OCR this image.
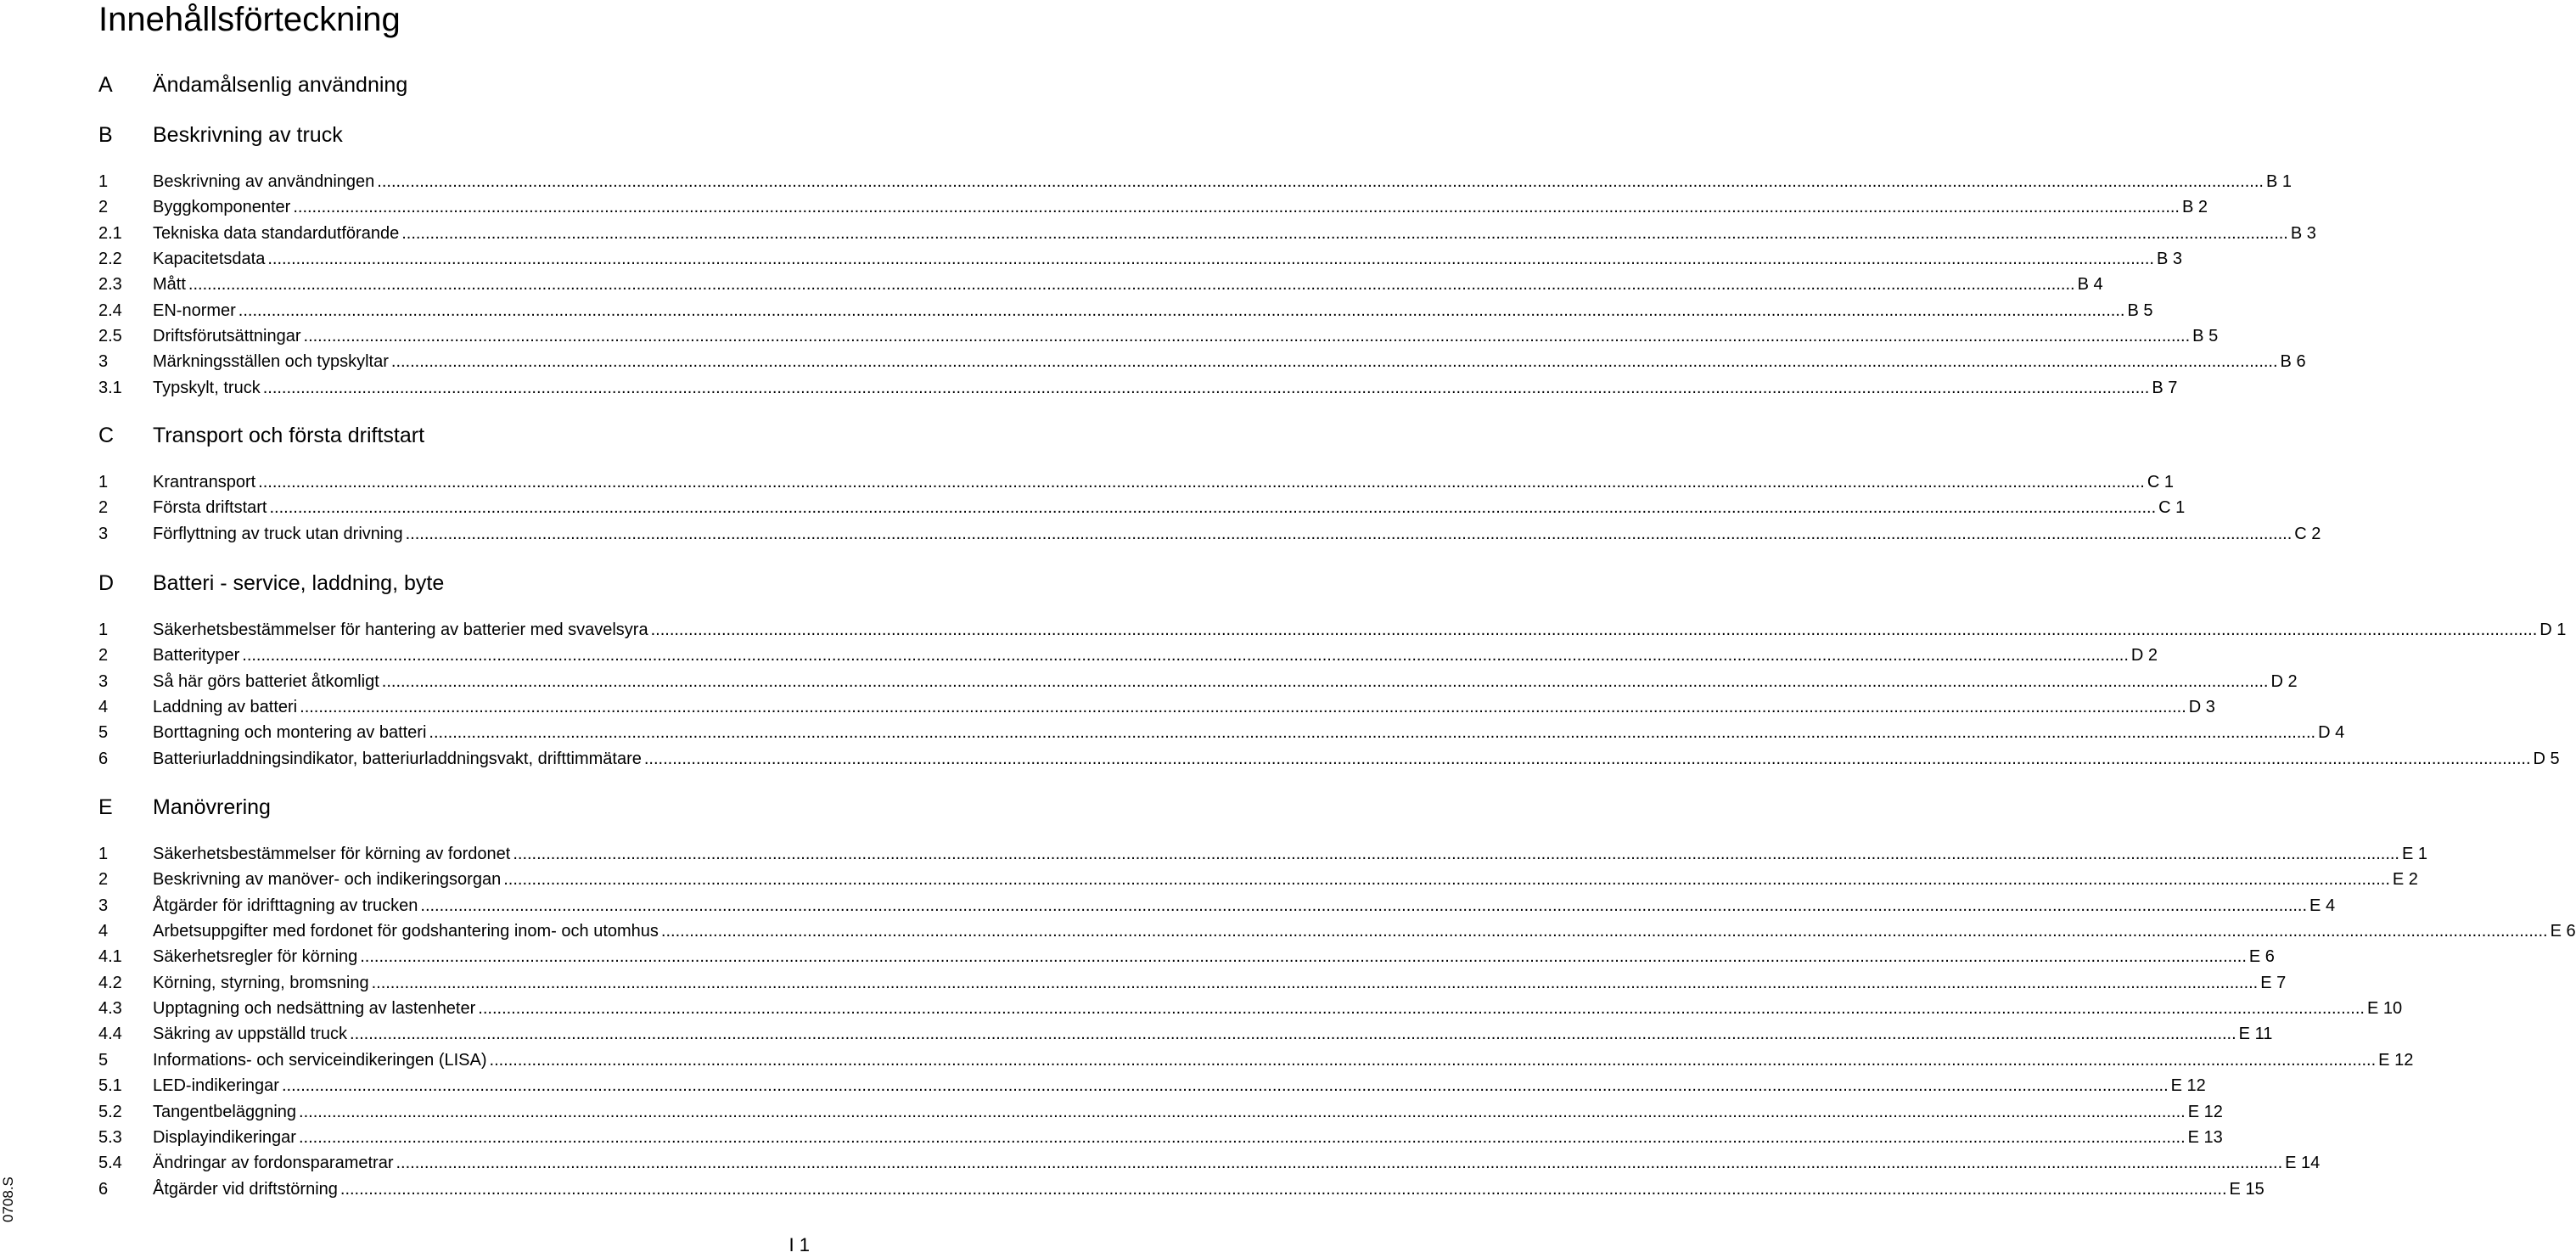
Innehållsförteckning
A Ändamålsenlig användning
B Beskrivning av truck
1	Beskrivning av användningen ................................................................................................................................................................................................................................................................................................................................................................................................................ B 1
2	Byggkomponenter ................................................................................................................................................................................................................................................................................................................................................................................................................ B 2
2.1	Tekniska data standardutförande ................................................................................................................................................................................................................................................................................................................................................................................................................ B 3
2.2	Kapacitetsdata ................................................................................................................................................................................................................................................................................................................................................................................................................ B 3
2.3	Mått ................................................................................................................................................................................................................................................................................................................................................................................................................ B 4
2.4	EN-normer ................................................................................................................................................................................................................................................................................................................................................................................................................ B 5
2.5	Driftsförutsättningar ................................................................................................................................................................................................................................................................................................................................................................................................................ B 5
3	Märkningsställen och typskyltar ................................................................................................................................................................................................................................................................................................................................................................................................................ B 6
3.1	Typskylt, truck ................................................................................................................................................................................................................................................................................................................................................................................................................ B 7
C Transport och första driftstart
1	Krantransport ................................................................................................................................................................................................................................................................................................................................................................................................................ C 1
2	Första driftstart ................................................................................................................................................................................................................................................................................................................................................................................................................ C 1
3	Förflyttning av truck utan drivning ................................................................................................................................................................................................................................................................................................................................................................................................................ C 2
D Batteri - service, laddning, byte
1	Säkerhetsbestämmelser för hantering av batterier med svavelsyra ................................................................................................................................................................................................................................................................................................................................................................................................................ D 1
2	Batterityper ................................................................................................................................................................................................................................................................................................................................................................................................................ D 2
3	Så här görs batteriet åtkomligt ................................................................................................................................................................................................................................................................................................................................................................................................................ D 2
4	Laddning av batteri ................................................................................................................................................................................................................................................................................................................................................................................................................ D 3
5	Borttagning och montering av batteri ................................................................................................................................................................................................................................................................................................................................................................................................................ D 4
6	Batteriurladdningsindikator, batteriurladdningsvakt, drifttimmätare ................................................................................................................................................................................................................................................................................................................................................................................................................ D 5
E Manövrering
1	Säkerhetsbestämmelser för körning av fordonet ................................................................................................................................................................................................................................................................................................................................................................................................................ E 1
2	Beskrivning av manöver- och indikeringsorgan ................................................................................................................................................................................................................................................................................................................................................................................................................ E 2
3	Åtgärder för idrifttagning av trucken ................................................................................................................................................................................................................................................................................................................................................................................................................ E 4
4	Arbetsuppgifter med fordonet för godshantering inom- och utomhus ................................................................................................................................................................................................................................................................................................................................................................................................................ E 6
4.1	Säkerhetsregler för körning ................................................................................................................................................................................................................................................................................................................................................................................................................ E 6
4.2	Körning, styrning, bromsning ................................................................................................................................................................................................................................................................................................................................................................................................................ E 7
4.3	Upptagning och nedsättning av lastenheter ................................................................................................................................................................................................................................................................................................................................................................................................................ E 10
4.4	Säkring av uppställd truck ................................................................................................................................................................................................................................................................................................................................................................................................................ E 11
5	Informations- och serviceindikeringen (LISA) ................................................................................................................................................................................................................................................................................................................................................................................................................ E 12
5.1	LED-indikeringar ................................................................................................................................................................................................................................................................................................................................................................................................................ E 12
5.2	Tangentbeläggning ................................................................................................................................................................................................................................................................................................................................................................................................................ E 12
5.3	Displayindikeringar ................................................................................................................................................................................................................................................................................................................................................................................................................ E 13
5.4	Ändringar av fordonsparametrar ................................................................................................................................................................................................................................................................................................................................................................................................................ E 14
6	Åtgärder vid driftstörning ................................................................................................................................................................................................................................................................................................................................................................................................................ E 15
0708.S
I 1
